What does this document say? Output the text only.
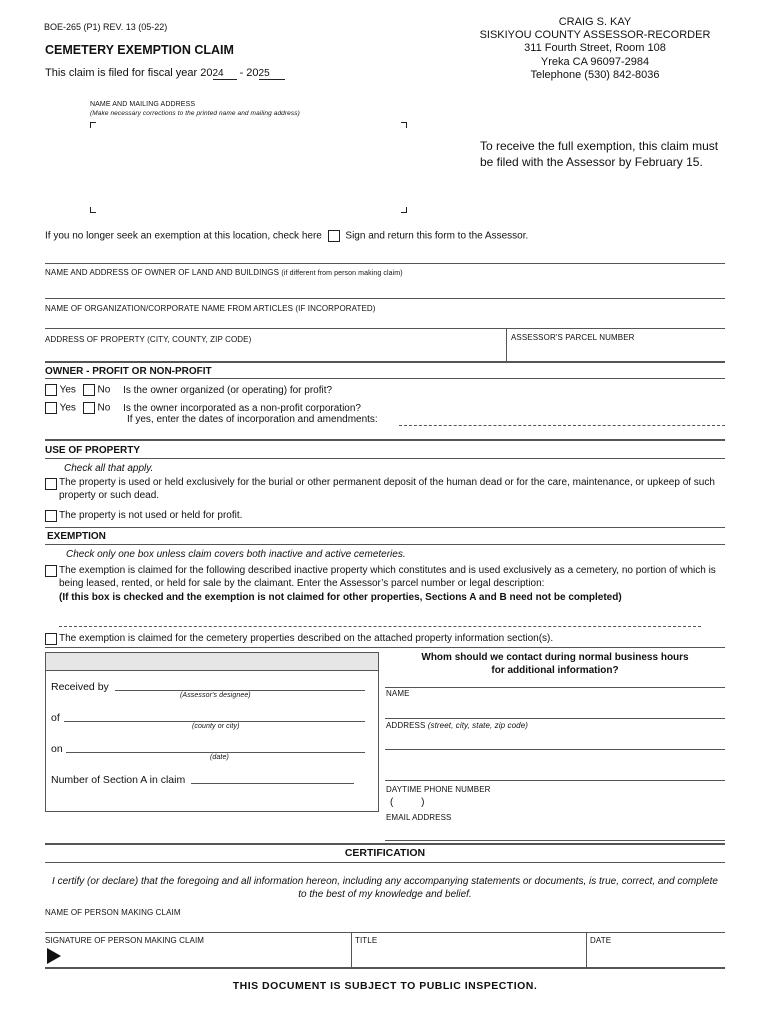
BOE-265 (P1) REV. 13 (05-22)
CEMETERY EXEMPTION CLAIM
This claim is filed for fiscal year 2024 - 2025
CRAIG S. KAY
SISKIYOU COUNTY ASSESSOR-RECORDER
311 Fourth Street, Room 108
Yreka CA 96097-2984
Telephone (530) 842-8036
NAME AND MAILING ADDRESS
(Make necessary corrections to the printed name and mailing address)
To receive the full exemption, this claim must be filed with the Assessor by February 15.
If you no longer seek an exemption at this location, check here Sign and return this form to the Assessor.
NAME AND ADDRESS OF OWNER OF LAND AND BUILDINGS (if different from person making claim)
NAME OF ORGANIZATION/CORPORATE NAME FROM ARTICLES (IF INCORPORATED)
ADDRESS OF PROPERTY (CITY, COUNTY, ZIP CODE)	ASSESSOR'S PARCEL NUMBER
OWNER - PROFIT OR NON-PROFIT
Yes No Is the owner organized (or operating) for profit?
Yes No Is the owner incorporated as a non-profit corporation?
If yes, enter the dates of incorporation and amendments:
USE OF PROPERTY
Check all that apply.
The property is used or held exclusively for the burial or other permanent deposit of the human dead or for the care, maintenance, or upkeep of such property or such dead.
The property is not used or held for profit.
EXEMPTION
Check only one box unless claim covers both inactive and active cemeteries.
The exemption is claimed for the following described inactive property which constitutes and is used exclusively as a cemetery, no portion of which is being leased, rented, or held for sale by the claimant. Enter the Assessor’s parcel number or legal description:
(If this box is checked and the exemption is not claimed for other properties, Sections A and B need not be completed)
The exemption is claimed for the cemetery properties described on the attached property information section(s).
Received by
(Assessor's designee)
of
(county or city)
on
(date)
Number of Section A in claim
Whom should we contact during normal business hours for additional information?
NAME
ADDRESS (street, city, state, zip code)
DAYTIME PHONE NUMBER
(          )
EMAIL ADDRESS
CERTIFICATION
I certify (or declare) that the foregoing and all information hereon, including any accompanying statements or documents, is true, correct, and complete to the best of my knowledge and belief.
NAME OF PERSON MAKING CLAIM
SIGNATURE OF PERSON MAKING CLAIM	TITLE	DATE
THIS DOCUMENT IS SUBJECT TO PUBLIC INSPECTION.
